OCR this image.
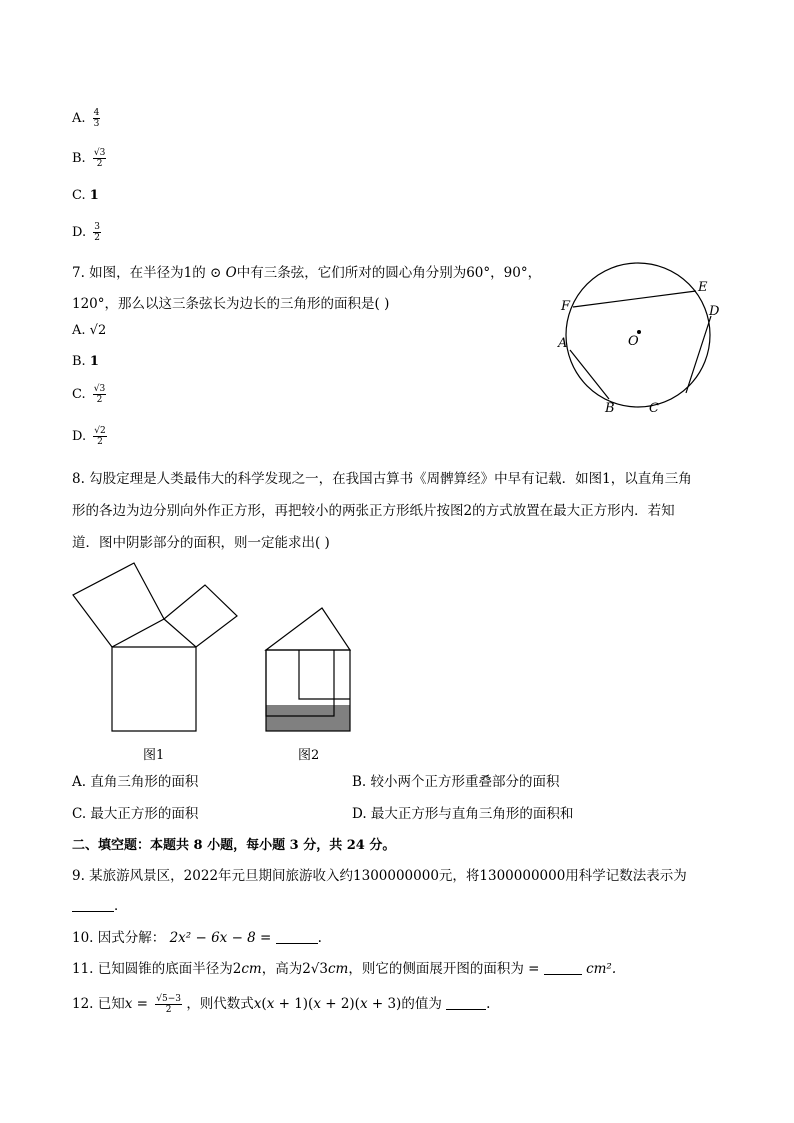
A. $\frac{4}{3}$
B. $\frac{√3}{2}$
C. 1
D. $\frac{3}{2}$
7. 如图，在半径为1的 ⊙ 𝑂中有三条弦，它们所对的圆心角分别为60°，90°，
120°，那么以这三条弦长为边长的三角形的面积是( )
A. √2
B. 1
C. $\frac{√3}{2}$
D. $\frac{√2}{2}$
O
A
B	C
D
E
F
8. 勾股定理是人类最伟大的科学发现之一，在我国古算书《周髀算经》中早有记载．如图1，以直角三角
形的各边为边分别向外作正方形，再把较小的两张正方形纸片按图2的方式放置在最大正方形内．若知
道．图中阴影部分的面积，则一定能求出( )
图1	图2
A. 直角三角形的面积	B. 较小两个正方形重叠部分的面积
C. 最大正方形的面积	D. 最大正方形与直角三角形的面积和
二、填空题：本题共 8 小题，每小题 3 分，共 24 分。
9. 某旅游风景区，2022年元旦期间旅游收入约1300000000元，将1300000000用科学记数法表示为
．
10. 因式分解： 2𝑥² − 6𝑥 − 8 =	.
11. 已知圆锥的底面半径为2𝑐𝑚，高为2√3𝑐𝑚，则它的侧面展开图的面积为 =	𝑐𝑚².
12. 已知𝑥 = $\frac{√5-3}{2}$ ，则代数式𝑥(𝑥 + 1)(𝑥 + 2)(𝑥 + 3)的值为	.
